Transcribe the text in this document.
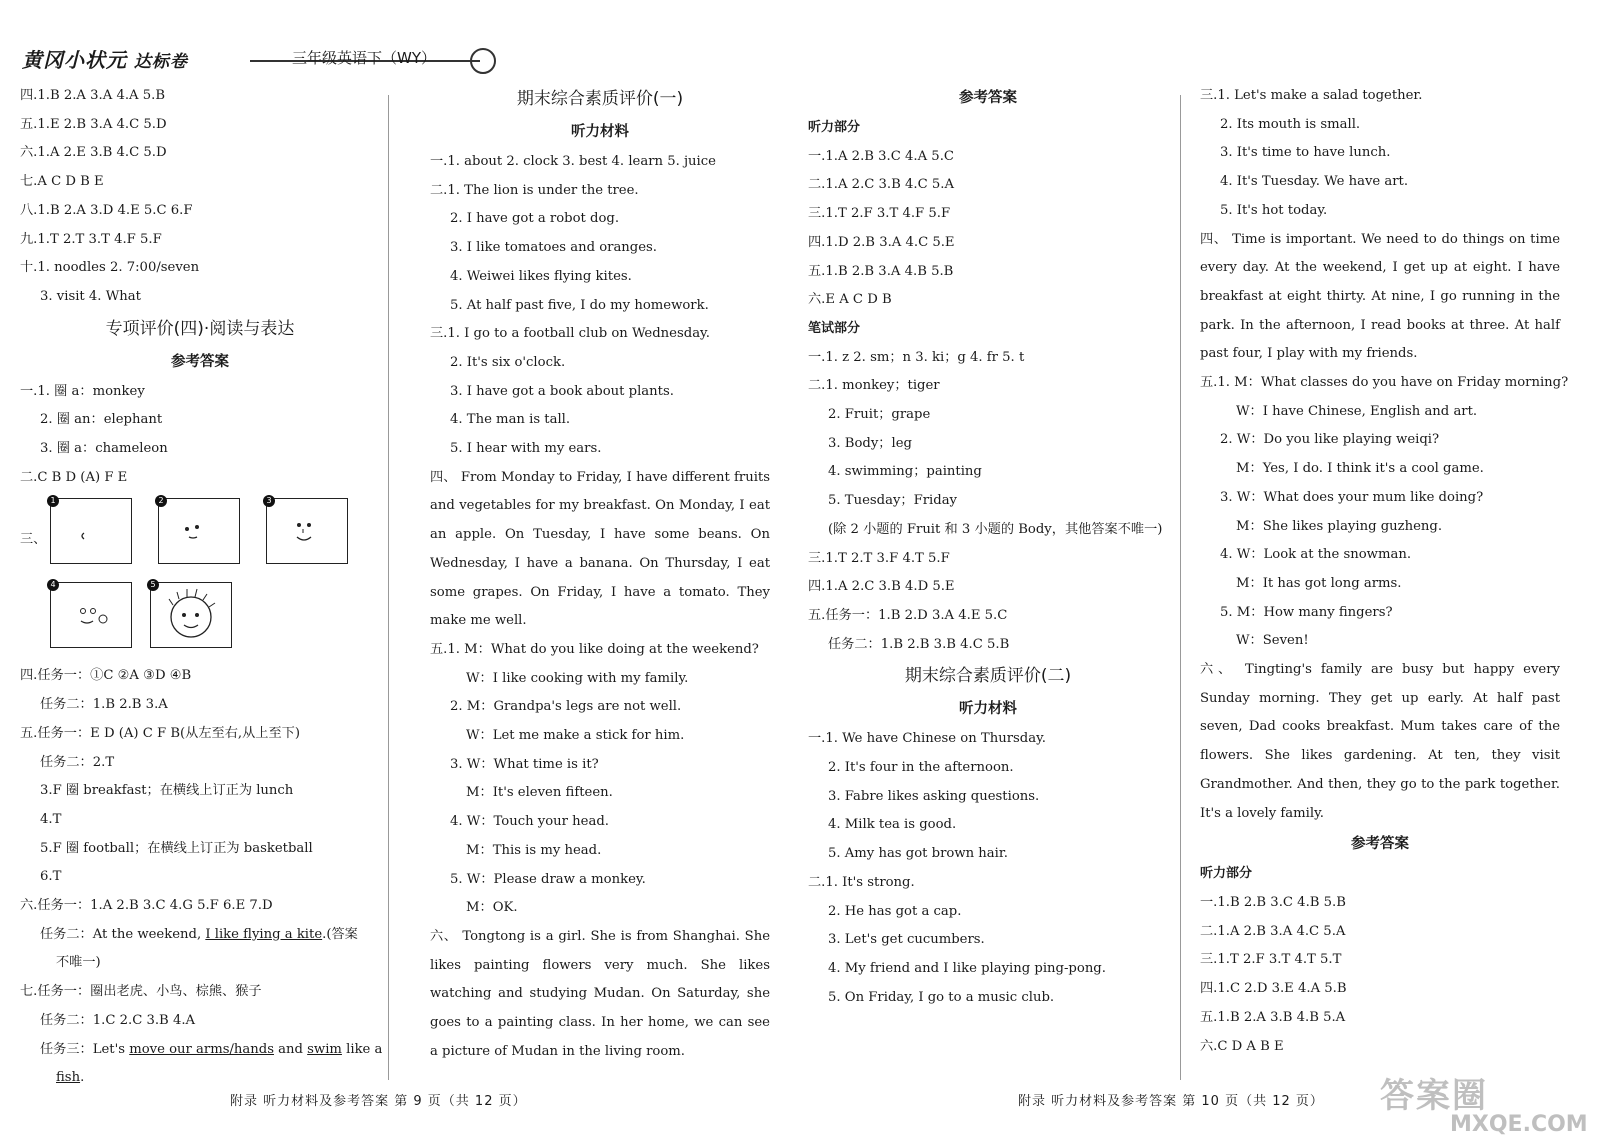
黄冈小状元 达标卷	三年级英语下（WY）
四.1.B 2.A 3.A 4.A 5.B
五.1.E 2.B 3.A 4.C 5.D
六.1.A 2.E 3.B 4.C 5.D
七.A C D B E
八.1.B 2.A 3.D 4.E 5.C 6.F
九.1.T 2.T 3.T 4.F 5.F
十.1. noodles 2. 7:00/seven
3. visit 4. What
专项评价(四)·阅读与表达
参考答案
一.1. 圈 a：monkey
2. 圈 an：elephant
3. 圈 a：chameleon
二.C B D (A) F E
三、
1	2	3
4	5
四.任务一：①C ②A ③D ④B
任务二：1.B 2.B 3.A
五.任务一：E D (A) C F B(从左至右,从上至下)
任务二：2.T
3.F 圈 breakfast；在横线上订正为 lunch
4.T
5.F 圈 football；在横线上订正为 basketball
6.T
六.任务一：1.A 2.B 3.C 4.G 5.F 6.E 7.D
任务二：At the weekend, I like flying a kite.(答案
不唯一)
七.任务一：圈出老虎、小鸟、棕熊、猴子
任务二：1.C 2.C 3.B 4.A
任务三：Let's move our arms/hands and swim like a
fish.
期末综合素质评价(一)
听力材料
一.1. about 2. clock 3. best 4. learn 5. juice
二.1. The lion is under the tree.
2. I have got a robot dog.
3. I like tomatoes and oranges.
4. Weiwei likes flying kites.
5. At half past five, I do my homework.
三.1. I go to a football club on Wednesday.
2. It's six o'clock.
3. I have got a book about plants.
4. The man is tall.
5. I hear with my ears.
四、 From Monday to Friday, I have different fruits and vegetables for my breakfast. On Monday, I eat an apple. On Tuesday, I have some beans. On Wednesday, I have a banana. On Thursday, I eat some grapes. On Friday, I have a tomato. They make me well.
五.1. M：What do you like doing at the weekend?
W：I like cooking with my family.
2. M：Grandpa's legs are not well.
W：Let me make a stick for him.
3. W：What time is it?
M：It's eleven fifteen.
4. W：Touch your head.
M：This is my head.
5. W：Please draw a monkey.
M：OK.
六、 Tongtong is a girl. She is from Shanghai. She likes painting flowers very much. She likes watching and studying Mudan. On Saturday, she goes to a painting class. In her home, we can see a picture of Mudan in the living room.
参考答案
听力部分
一.1.A 2.B 3.C 4.A 5.C
二.1.A 2.C 3.B 4.C 5.A
三.1.T 2.F 3.T 4.F 5.F
四.1.D 2.B 3.A 4.C 5.E
五.1.B 2.B 3.A 4.B 5.B
六.E A C D B
笔试部分
一.1. z 2. sm；n 3. ki；g 4. fr 5. t
二.1. monkey；tiger
2. Fruit；grape
3. Body；leg
4. swimming；painting
5. Tuesday；Friday
(除 2 小题的 Fruit 和 3 小题的 Body，其他答案不唯一)
三.1.T 2.T 3.F 4.T 5.F
四.1.A 2.C 3.B 4.D 5.E
五.任务一：1.B 2.D 3.A 4.E 5.C
任务二：1.B 2.B 3.B 4.C 5.B
期末综合素质评价(二)
听力材料
一.1. We have Chinese on Thursday.
2. It's four in the afternoon.
3. Fabre likes asking questions.
4. Milk tea is good.
5. Amy has got brown hair.
二.1. It's strong.
2. He has got a cap.
3. Let's get cucumbers.
4. My friend and I like playing ping-pong.
5. On Friday, I go to a music club.
三.1. Let's make a salad together.
2. Its mouth is small.
3. It's time to have lunch.
4. It's Tuesday. We have art.
5. It's hot today.
四、 Time is important. We need to do things on time every day. At the weekend, I get up at eight. I have breakfast at eight thirty. At nine, I go running in the park. In the afternoon, I read books at three. At half past four, I play with my friends.
五.1. M：What classes do you have on Friday morning?
W：I have Chinese, English and art.
2. W：Do you like playing weiqi?
M：Yes, I do. I think it's a cool game.
3. W：What does your mum like doing?
M：She likes playing guzheng.
4. W：Look at the snowman.
M：It has got long arms.
5. M：How many fingers?
W：Seven!
六、 Tingting's family are busy but happy every Sunday morning. They get up early. At half past seven, Dad cooks breakfast. Mum takes care of the flowers. She likes gardening. At ten, they visit Grandmother. And then, they go to the park together. It's a lovely family.
参考答案
听力部分
一.1.B 2.B 3.C 4.B 5.B
二.1.A 2.B 3.A 4.C 5.A
三.1.T 2.F 3.T 4.T 5.T
四.1.C 2.D 3.E 4.A 5.B
五.1.B 2.A 3.B 4.B 5.A
六.C D A B E
附录 听力材料及参考答案 第 9 页（共 12 页）	附录 听力材料及参考答案 第 10 页（共 12 页） 答案圈
MXQE.COM
